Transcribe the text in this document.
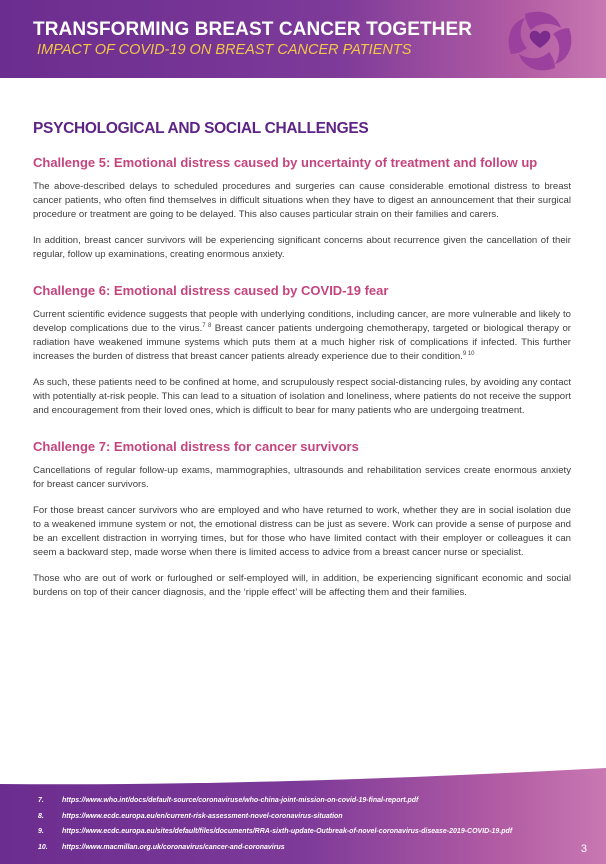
TRANSFORMING BREAST CANCER TOGETHER
IMPACT OF COVID-19 ON BREAST CANCER PATIENTS
PSYCHOLOGICAL AND SOCIAL CHALLENGES
Challenge 5: Emotional distress caused by uncertainty of treatment and follow up

The above-described delays to scheduled procedures and surgeries can cause considerable emotional distress to breast cancer patients, who often find themselves in difficult situations when they have to digest an announcement that their surgical procedure or treatment are going to be delayed. This also causes particular strain on their families and carers.

In addition, breast cancer survivors will be experiencing significant concerns about recurrence given the cancellation of their regular, follow up examinations, creating enormous anxiety.

Challenge 6: Emotional distress caused by COVID-19 fear

Current scientific evidence suggests that people with underlying conditions, including cancer, are more vulnerable and likely to develop complications due to the virus.$^{7 8}$ Breast cancer patients undergoing chemotherapy, targeted or biological therapy or radiation have weakened immune systems which puts them at a much higher risk of complications if infected. This further increases the burden of distress that breast cancer patients already experience due to their condition.$^{9 10}$

As such, these patients need to be confined at home, and scrupulously respect social-distancing rules, by avoiding any contact with potentially at-risk people. This can lead to a situation of isolation and loneliness, where patients do not receive the support and encouragement from their loved ones, which is difficult to bear for many patients who are undergoing treatment.

Challenge 7: Emotional distress for cancer survivors

Cancellations of regular follow-up exams, mammographies, ultrasounds and rehabilitation services create enormous anxiety for breast cancer survivors.

For those breast cancer survivors who are employed and who have returned to work, whether they are in social isolation due to a weakened immune system or not, the emotional distress can be just as severe. Work can provide a sense of purpose and be an excellent distraction in worrying times, but for those who have limited contact with their employer or colleagues it can seem a backward step, made worse when there is limited access to advice from a breast cancer nurse or specialist.

Those who are out of work or furloughed or self-employed will, in addition, be experiencing significant economic and social burdens on top of their cancer diagnosis, and the ‘ripple effect’ will be affecting them and their families.

7.	https://www.who.int/docs/default-source/coronaviruse/who-china-joint-mission-on-covid-19-final-report.pdf
8.	https://www.ecdc.europa.eu/en/current-risk-assessment-novel-coronavirus-situation
9.	https://www.ecdc.europa.eu/sites/default/files/documents/RRA-sixth-update-Outbreak-of-novel-coronavirus-disease-2019-COVID-19.pdf
10.	https://www.macmillan.org.uk/coronavirus/cancer-and-coronavirus	3
